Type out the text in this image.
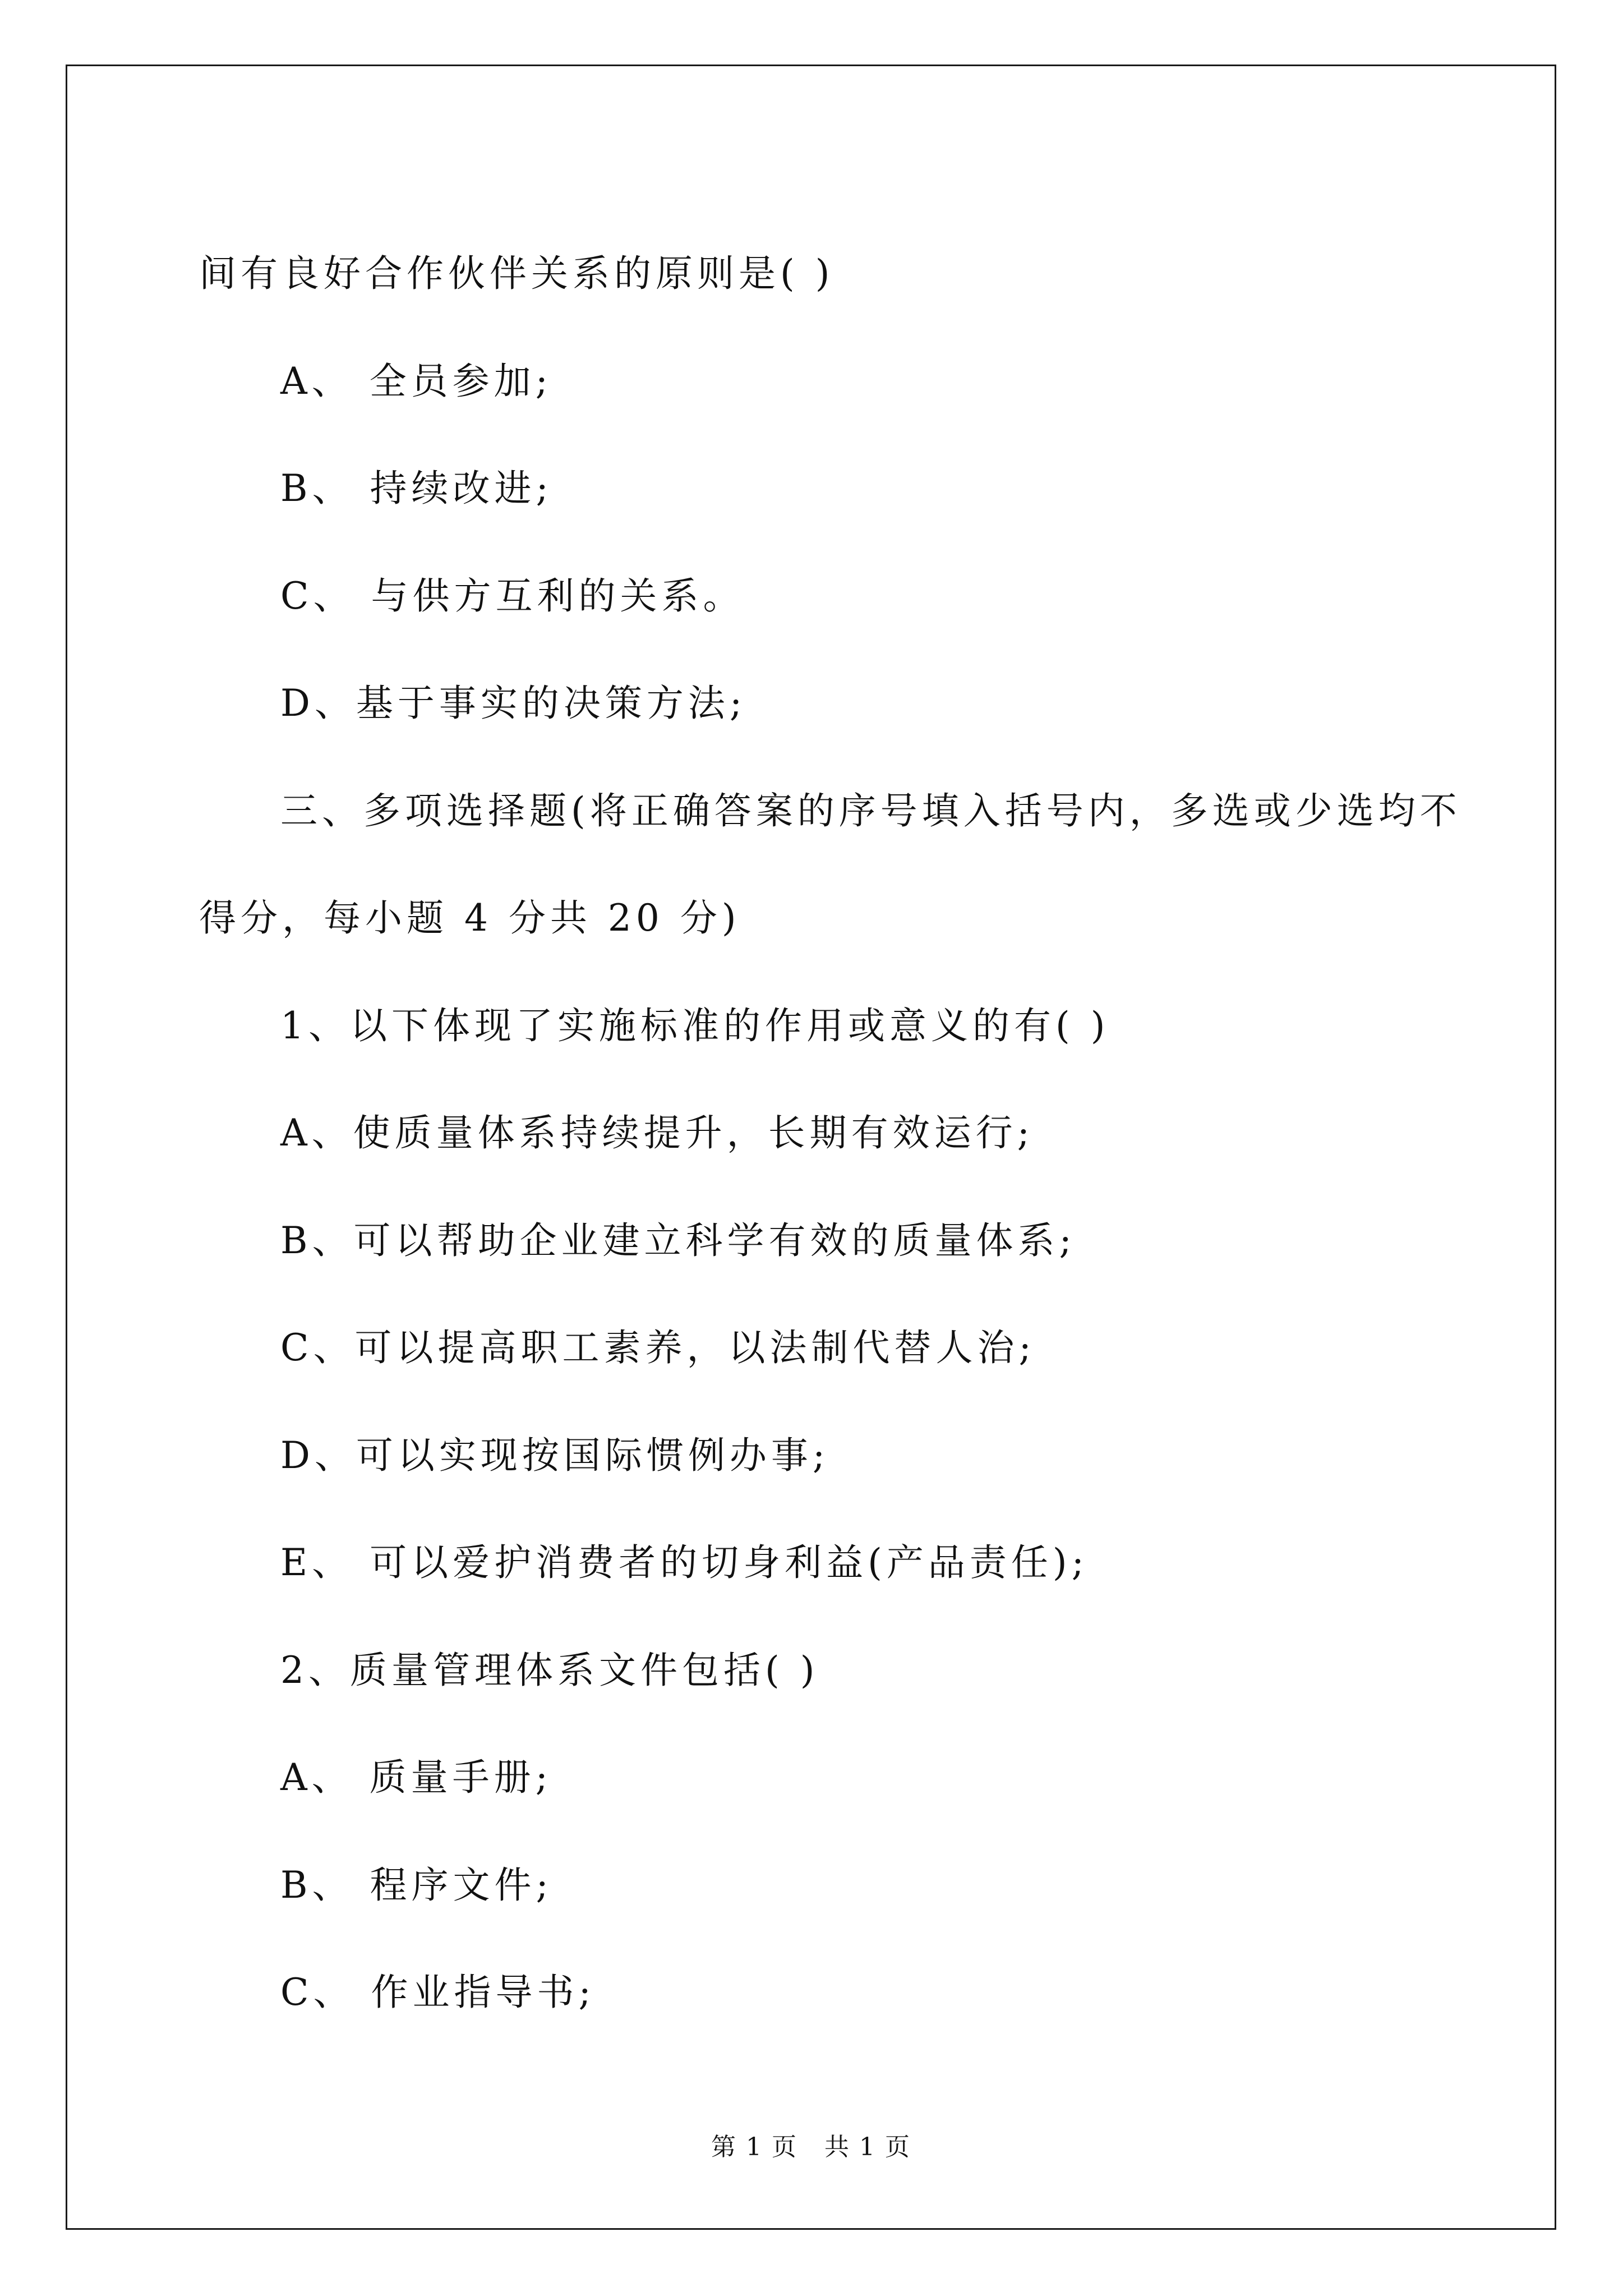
间有良好合作伙伴关系的原则是( )
A、 全员参加;
B、 持续改进;
C、 与供方互利的关系。
D、基于事实的决策方法;
三、多项选择题(将正确答案的序号填入括号内，多选或少选均不
得分，每小题 4 分共 20 分)
1、以下体现了实施标准的作用或意义的有( )
A、使质量体系持续提升，长期有效运行;
B、可以帮助企业建立科学有效的质量体系;
C、可以提高职工素养，以法制代替人治;
D、可以实现按国际惯例办事;
E、 可以爱护消费者的切身利益(产品责任);
2、质量管理体系文件包括( )
A、 质量手册;
B、 程序文件;
C、 作业指导书;
第 1 页   共 1 页
